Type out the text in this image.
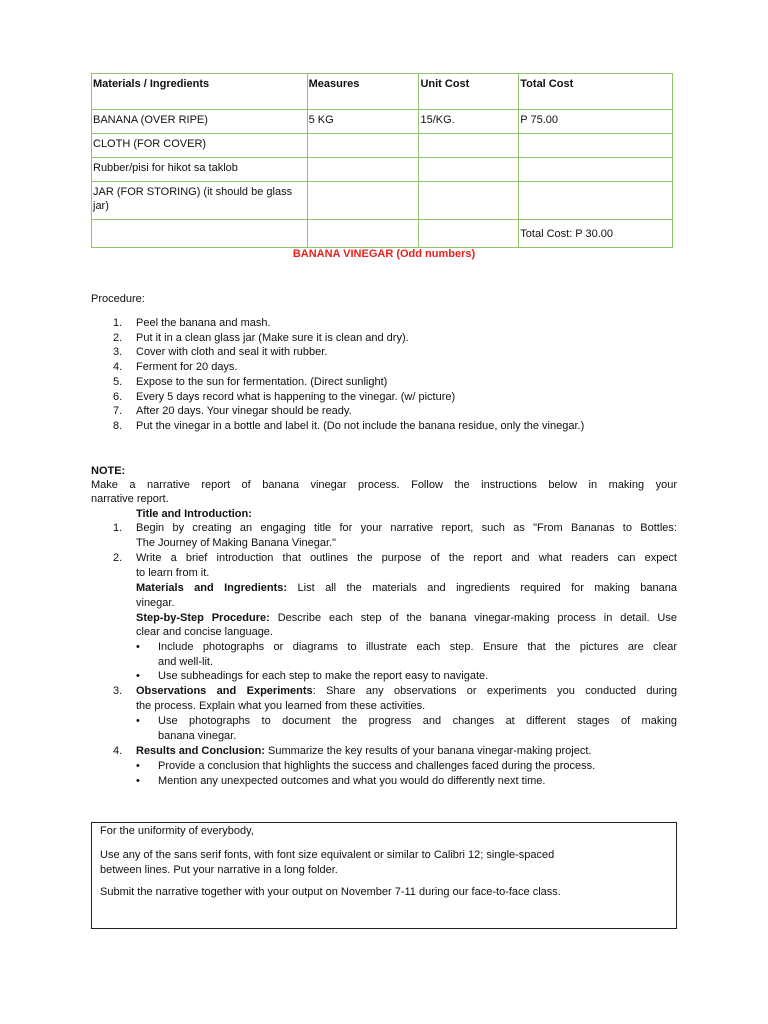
Materials / Ingredients	Measures	Unit Cost	Total Cost
BANANA (OVER RIPE)	5 KG	15/KG.	P 75.00
CLOTH (FOR COVER)			
Rubber/pisi for hikot sa taklob			
JAR (FOR STORING) (it should be glass jar)			
			Total Cost: P 30.00
BANANA VINEGAR (Odd numbers)
Procedure:
1. Peel the banana and mash.
2. Put it in a clean glass jar (Make sure it is clean and dry).
3. Cover with cloth and seal it with rubber.
4. Ferment for 20 days.
5. Expose to the sun for fermentation. (Direct sunlight)
6. Every 5 days record what is happening to the vinegar. (w/ picture)
7. After 20 days. Your vinegar should be ready.
8. Put the vinegar in a bottle and label it. (Do not include the banana residue, only the vinegar.)
NOTE:
Make a narrative report of banana vinegar process. Follow the instructions below in making your
narrative report.
Title and Introduction:
1. Begin by creating an engaging title for your narrative report, such as "From Bananas to Bottles:
The Journey of Making Banana Vinegar."
2. Write a brief introduction that outlines the purpose of the report and what readers can expect
to learn from it.
Materials and Ingredients: List all the materials and ingredients required for making banana
vinegar.
Step-by-Step Procedure: Describe each step of the banana vinegar-making process in detail. Use
clear and concise language.
• Include photographs or diagrams to illustrate each step. Ensure that the pictures are clear
and well-lit.
• Use subheadings for each step to make the report easy to navigate.
3. Observations and Experiments: Share any observations or experiments you conducted during
the process. Explain what you learned from these activities.
• Use photographs to document the progress and changes at different stages of making
banana vinegar.
4. Results and Conclusion: Summarize the key results of your banana vinegar-making project.
• Provide a conclusion that highlights the success and challenges faced during the process.
• Mention any unexpected outcomes and what you would do differently next time.
For the uniformity of everybody,
Use any of the sans serif fonts, with font size equivalent or similar to Calibri 12; single-spaced
between lines. Put your narrative in a long folder.
Submit the narrative together with your output on November 7-11 during our face-to-face class.
